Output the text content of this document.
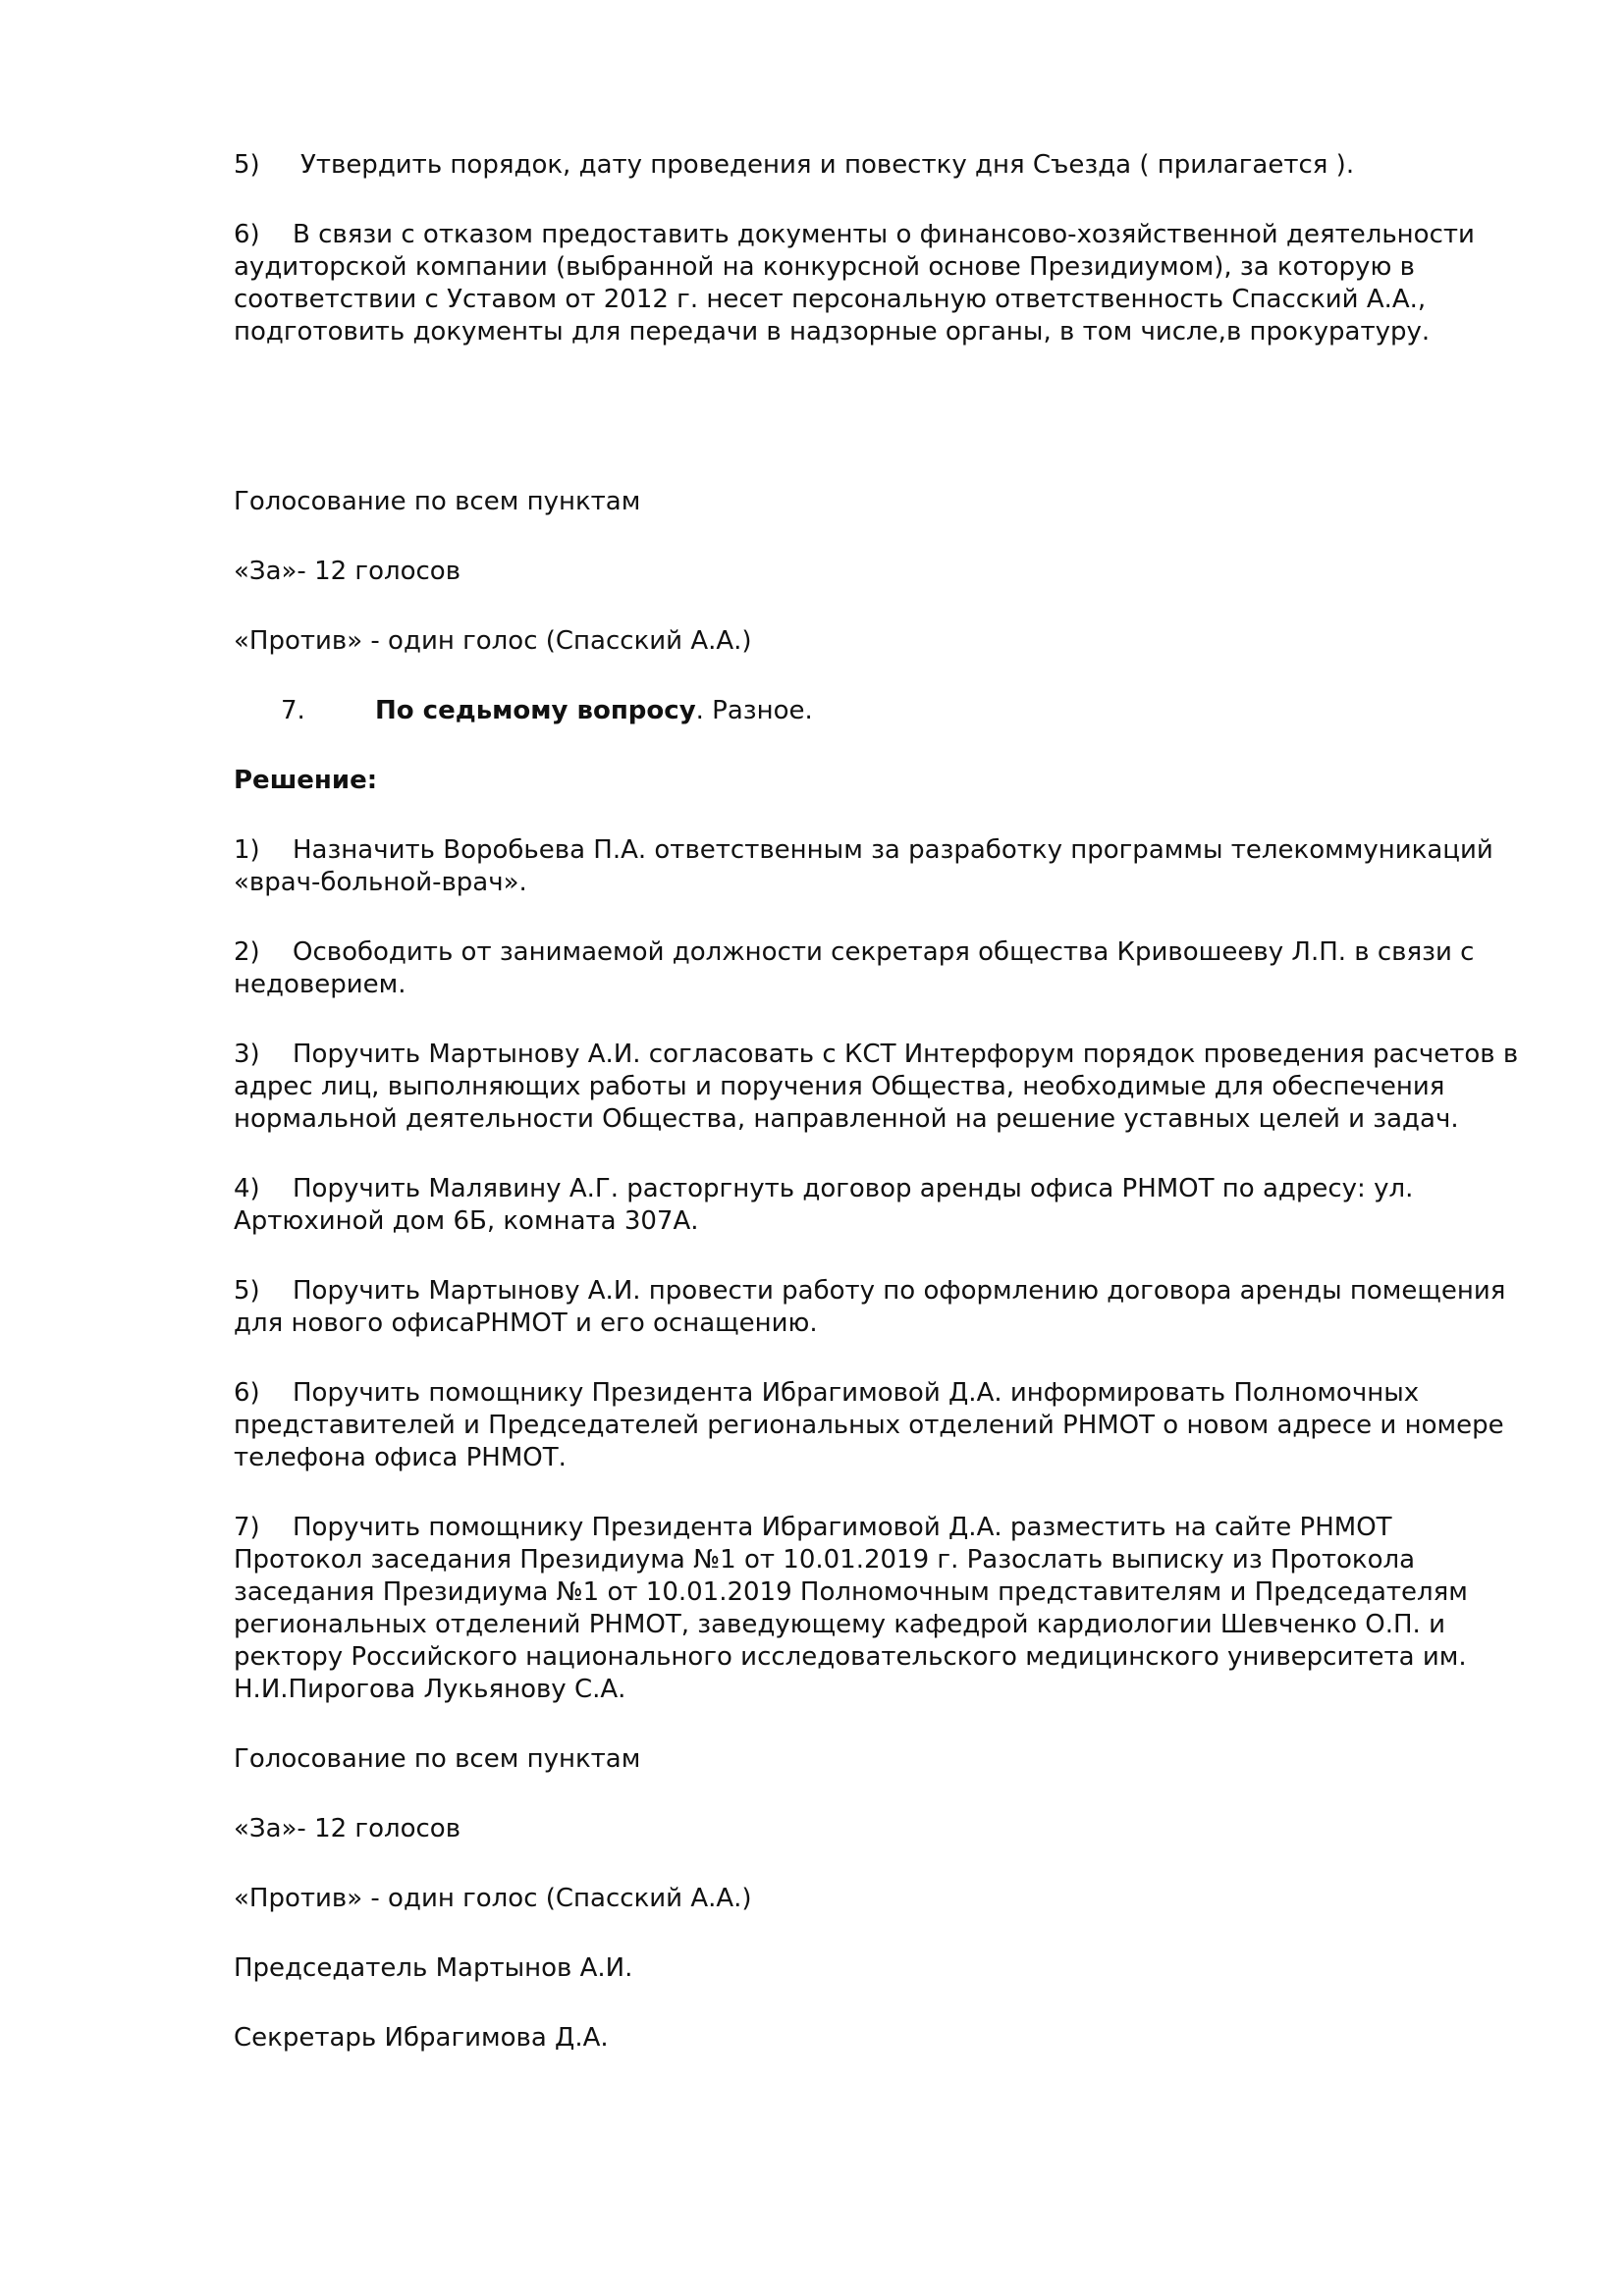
5) Утвердить порядок, дату проведения и повестку дня Съезда ( прилагается ).

6) В связи с отказом предоставить документы о финансово-хозяйственной деятельности аудиторской компании (выбранной на конкурсной основе Президиумом), за которую в соответствии с Уставом от 2012 г. несет персональную ответственность Спасский А.А., подготовить документы для передачи в надзорные органы, в том числе,в прокуратуру.

Голосование по всем пунктам

«За»- 12 голосов

«Против» - один голос (Спасский А.А.)

7.	По седьмому вопросу. Разное.

Решение:

1) Назначить Воробьева П.А. ответственным за разработку программы телекоммуникаций «врач-больной-врач».

2) Освободить от занимаемой должности секретаря общества Кривошееву Л.П. в связи с недоверием.

3) Поручить Мартынову А.И. согласовать с КСТ Интерфорум порядок проведения расчетов в адрес лиц, выполняющих работы и поручения Общества, необходимые для обеспечения нормальной деятельности Общества, направленной на решение уставных целей и задач.

4) Поручить Малявину А.Г. расторгнуть договор аренды офиса РНМОТ по адресу: ул. Артюхиной дом 6Б, комната 307А.

5) Поручить Мартынову А.И. провести работу по оформлению договора аренды помещения для нового офисаРНМОТ и его оснащению.

6) Поручить помощнику Президента Ибрагимовой Д.А. информировать Полномочных представителей и Председателей региональных отделений РНМОТ о новом адресе и номере телефона офиса РНМОТ.

7) Поручить помощнику Президента Ибрагимовой Д.А. разместить на сайте РНМОТ Протокол заседания Президиума №1 от 10.01.2019 г. Разослать выписку из Протокола заседания Президиума №1 от 10.01.2019 Полномочным представителям и Председателям региональных отделений РНМОТ, заведующему кафедрой кардиологии Шевченко О.П. и ректору Российского национального исследовательского медицинского университета им. Н.И.Пирогова Лукьянову С.А.

Голосование по всем пунктам

«За»- 12 голосов

«Против» - один голос (Спасский А.А.)

Председатель Мартынов А.И.

Секретарь Ибрагимова Д.А.
